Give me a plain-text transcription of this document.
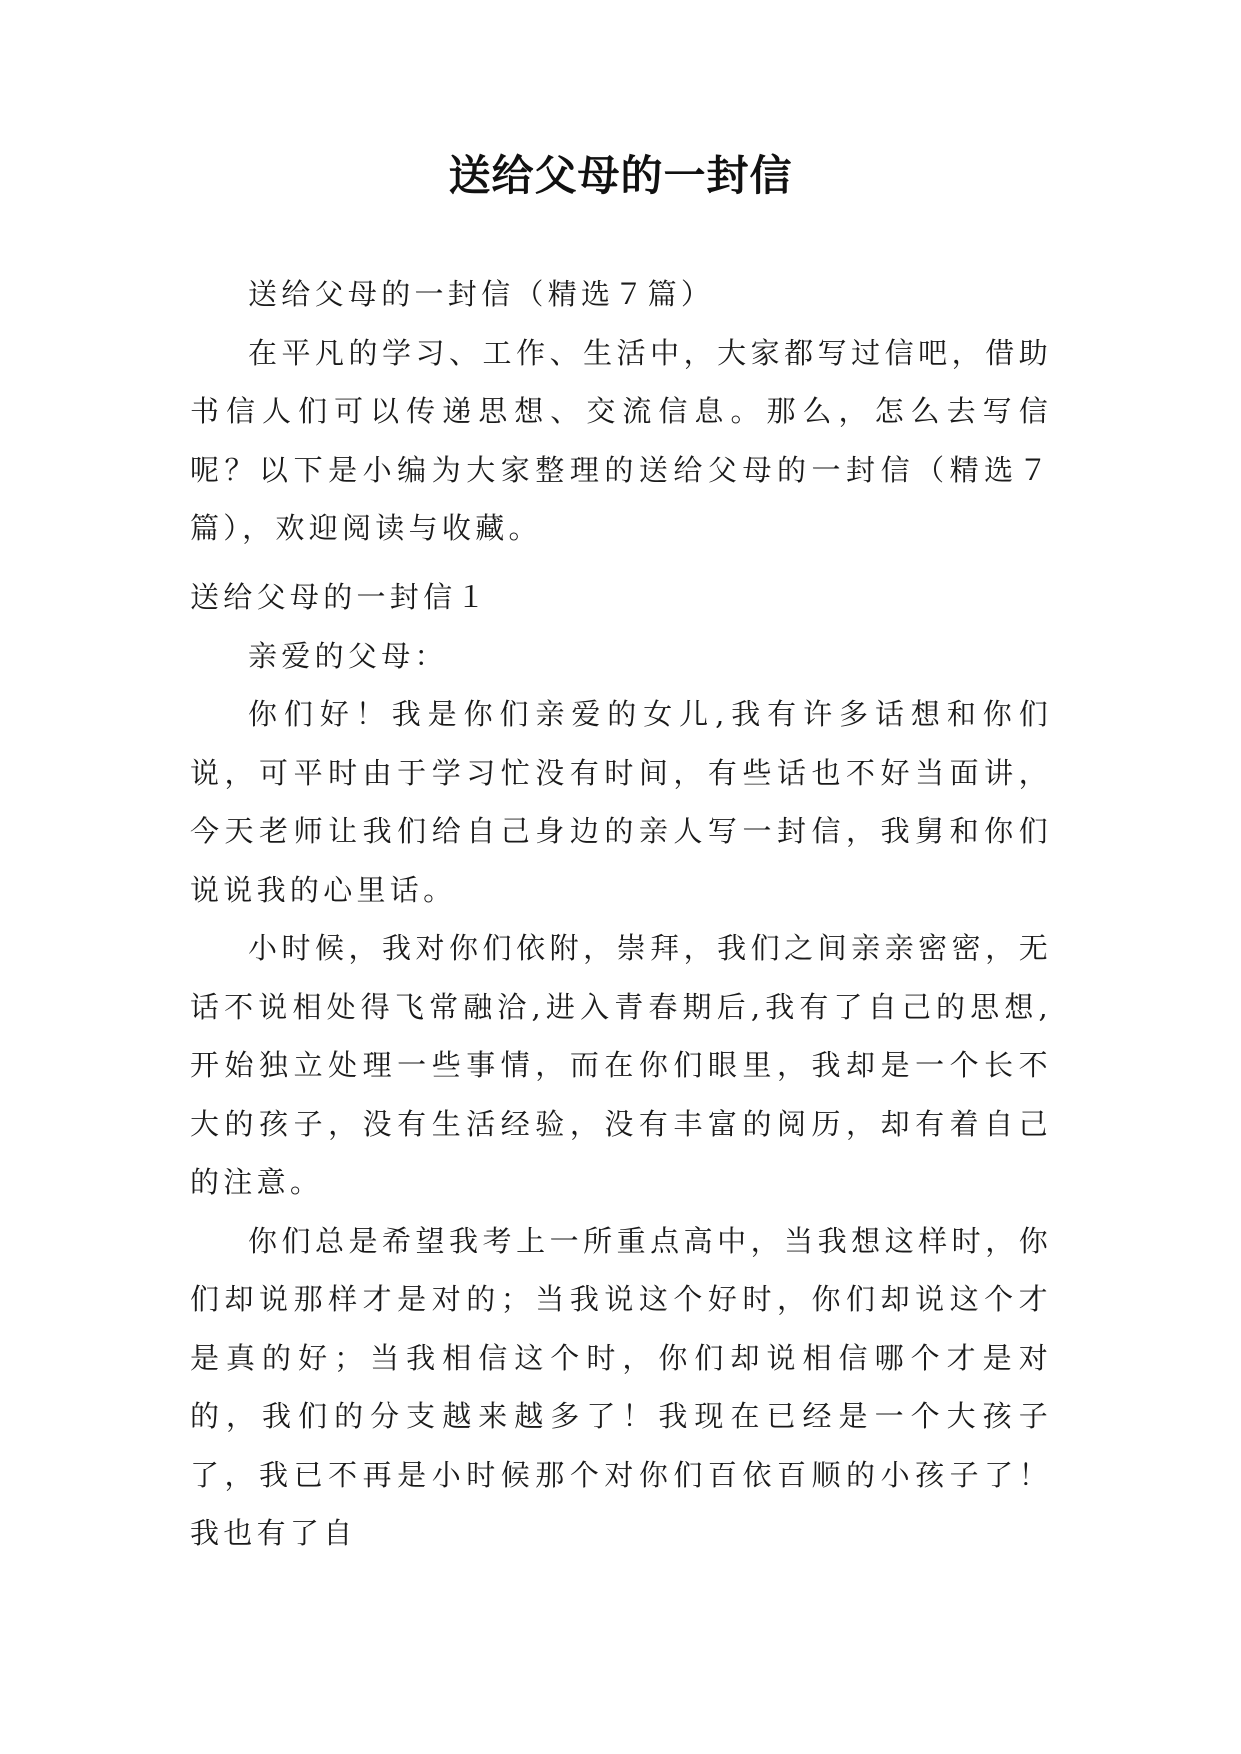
送给父母的一封信

送给父母的一封信（精选７篇）

在平凡的学习、工作、生活中，大家都写过信吧，借助书信人们可以传递思想、交流信息。那么，怎么去写信呢？以下是小编为大家整理的送给父母的一封信（精选７篇），欢迎阅读与收藏。

送给父母的一封信１

亲爱的父母：

你们好！我是你们亲爱的女儿,我有许多话想和你们说，可平时由于学习忙没有时间，有些话也不好当面讲，今天老师让我们给自己身边的亲人写一封信，我舅和你们说说我的心里话。

小时候，我对你们依附，崇拜，我们之间亲亲密密，无话不说相处得飞常融洽,进入青春期后,我有了自己的思想,开始独立处理一些事情，而在你们眼里，我却是一个长不大的孩子，没有生活经验，没有丰富的阅历，却有着自己的注意。

你们总是希望我考上一所重点高中，当我想这样时，你们却说那样才是对的；当我说这个好时，你们却说这个才是真的好；当我相信这个时，你们却说相信哪个才是对的，我们的分支越来越多了！我现在已经是一个大孩子了，我已不再是小时候那个对你们百依百顺的小孩子了！我也有了自
